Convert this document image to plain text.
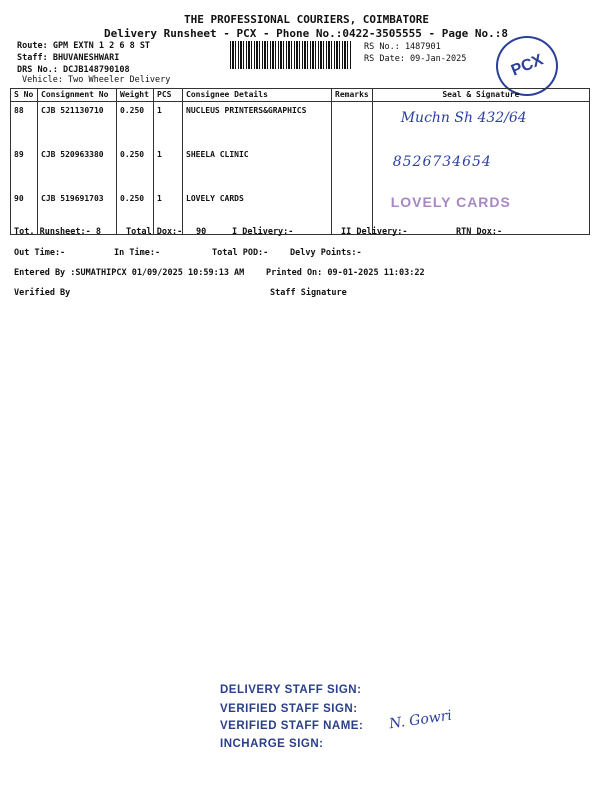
THE PROFESSIONAL COURIERS, COIMBATORE
Delivery Runsheet - PCX - Phone No.:0422-3505555 - Page No.:8
Route: GPM EXTN 1 2 6 8 ST
Staff: BHUVANESHWARI
DRS No.: DCJB148790108
Vehicle: Two Wheeler Delivery
RS No.: 1487901
RS Date: 09-Jan-2025	PCX
S No	Consignment No	Weight	PCS	Consignee Details	Remarks	Seal & Signature
88	CJB 521130710	0.250	1	NUCLEUS PRINTERS&GRAPHICS		Muchn Sh 432/64

89	CJB 520963380	0.250	1	SHEELA CLINIC		8526734654

90	CJB 519691703	0.250	1	LOVELY CARDS		LOVELY CARDS
Tot. Runsheet:- 8	Total Dox:- 90	I Delivery:-	II Delivery:-	RTN Dox:-
Out Time:-	In Time:-	Total POD:-	Delvy Points:-
Entered By :SUMATHIPCX 01/09/2025 10:59:13 AM	Printed On: 09-01-2025 11:03:22
Verified By	Staff Signature
DELIVERY STAFF SIGN:
VERIFIED STAFF SIGN:
VERIFIED STAFF NAME: N. Gowri
INCHARGE SIGN:
